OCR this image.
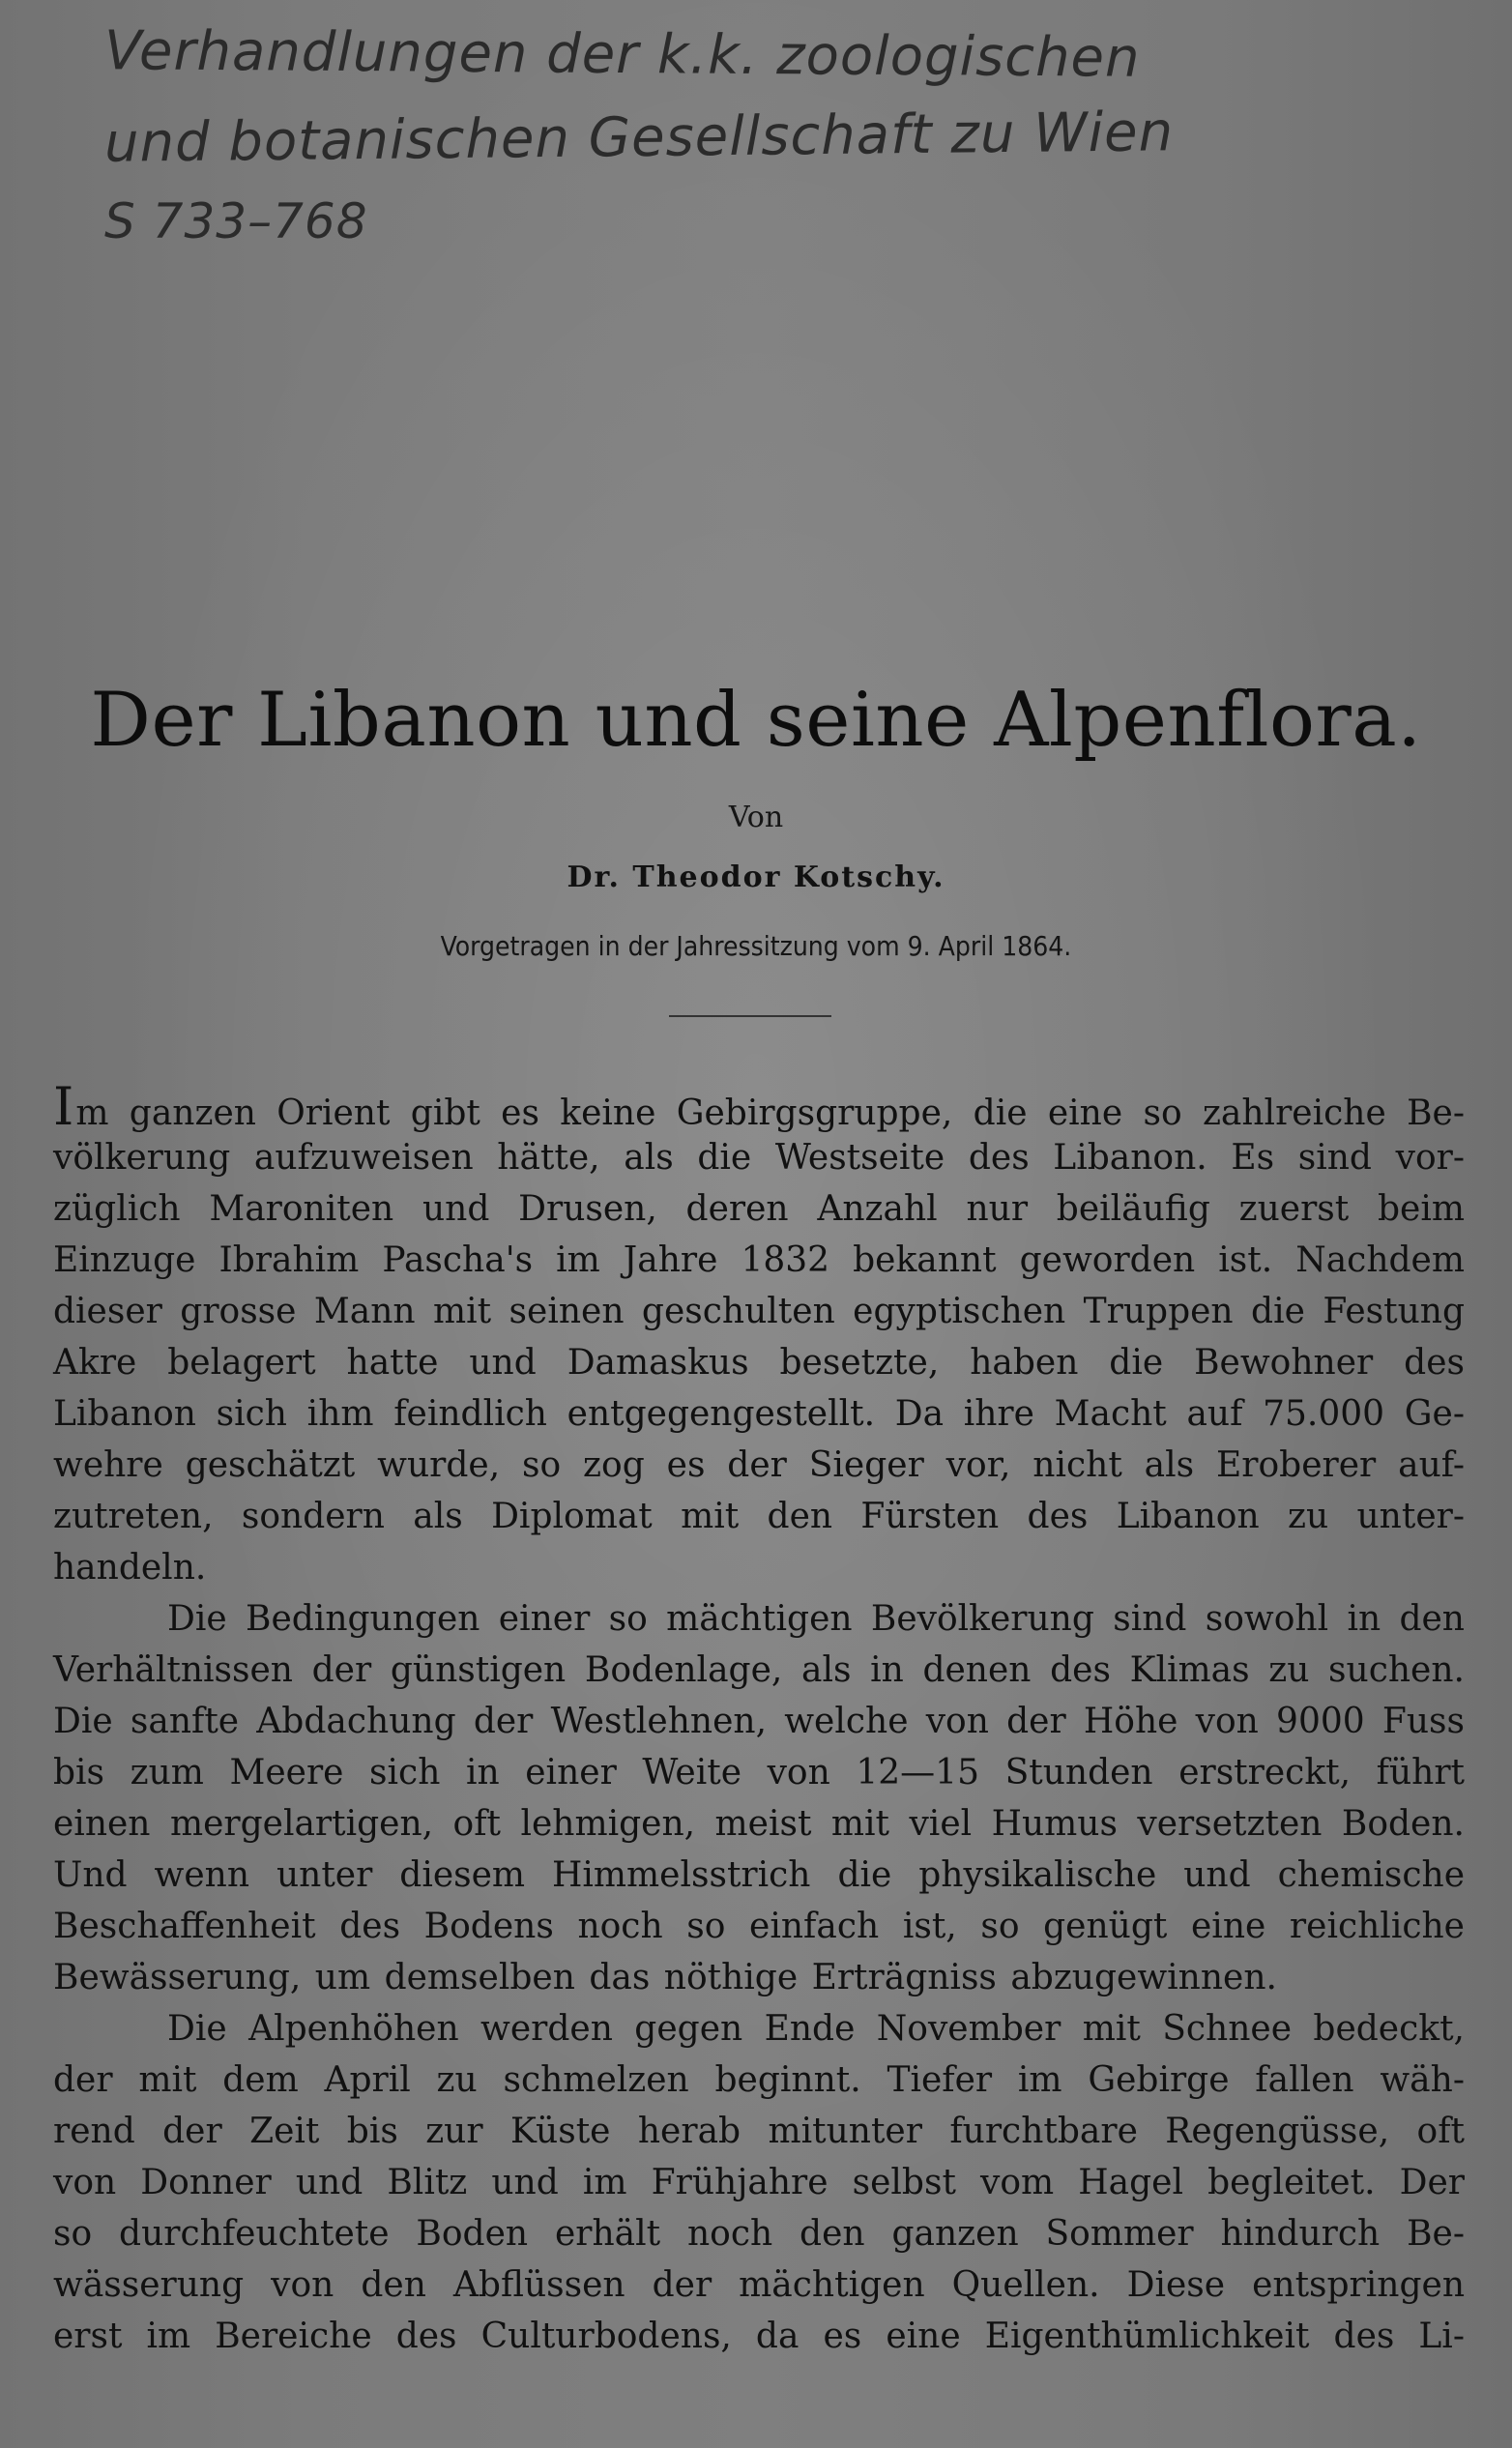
Verhandlungen der k.k. zoologischen
und botanischen Gesellschaft zu Wien
S 733–768
Der Libanon und seine Alpenflora.
Von
Dr. Theodor Kotschy.
Vorgetragen in der Jahressitzung vom 9. April 1864.
Im ganzen Orient gibt es keine Gebirgsgruppe, die eine so zahlreiche Be-
völkerung aufzuweisen hätte, als die Westseite des Libanon. Es sind vor-
züglich Maroniten und Drusen, deren Anzahl nur beiläufig zuerst beim
Einzuge Ibrahim Pascha's im Jahre 1832 bekannt geworden ist. Nachdem
dieser grosse Mann mit seinen geschulten egyptischen Truppen die Festung
Akre belagert hatte und Damaskus besetzte, haben die Bewohner des
Libanon sich ihm feindlich entgegengestellt. Da ihre Macht auf 75.000 Ge-
wehre geschätzt wurde, so zog es der Sieger vor, nicht als Eroberer auf-
zutreten, sondern als Diplomat mit den Fürsten des Libanon zu unter-
handeln.
Die Bedingungen einer so mächtigen Bevölkerung sind sowohl in den
Verhältnissen der günstigen Bodenlage, als in denen des Klimas zu suchen.
Die sanfte Abdachung der Westlehnen, welche von der Höhe von 9000 Fuss
bis zum Meere sich in einer Weite von 12—15 Stunden erstreckt, führt
einen mergelartigen, oft lehmigen, meist mit viel Humus versetzten Boden.
Und wenn unter diesem Himmelsstrich die physikalische und chemische
Beschaffenheit des Bodens noch so einfach ist, so genügt eine reichliche
Bewässerung, um demselben das nöthige Erträgniss abzugewinnen.
Die Alpenhöhen werden gegen Ende November mit Schnee bedeckt,
der mit dem April zu schmelzen beginnt. Tiefer im Gebirge fallen wäh-
rend der Zeit bis zur Küste herab mitunter furchtbare Regengüsse, oft
von Donner und Blitz und im Frühjahre selbst vom Hagel begleitet. Der
so durchfeuchtete Boden erhält noch den ganzen Sommer hindurch Be-
wässerung von den Abflüssen der mächtigen Quellen. Diese entspringen
erst im Bereiche des Culturbodens, da es eine Eigenthümlichkeit des Li-
